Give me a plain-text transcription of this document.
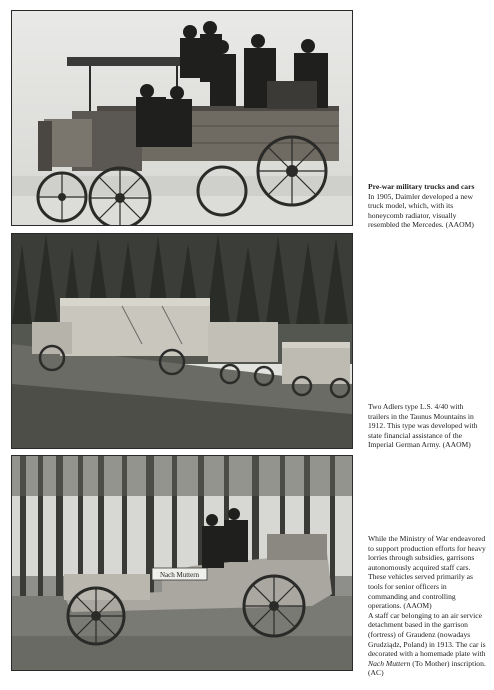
Pre-war military trucks and cars
In 1905, Daimler developed a new truck model, which, with its honeycomb radiator, visually resembled the Mercedes. (AAOM)
Two Adlers type L.S. 4/40 with trailers in the Taunus Mountains in 1912. This type was developed with state financial assistance of the Imperial German Army. (AAOM)
Nach Muttern
While the Ministry of War endeavored to support production efforts for heavy lorries through subsidies, garrisons autonomously acquired staff cars. These vehicles served primarily as tools for senior officers in commanding and controlling operations. (AAOM)
A staff car belonging to an air service detachment based in the garrison (fortress) of Graudenz (nowadays Grudziądz, Poland) in 1913. The car is decorated with a homemade plate with Nach Muttern (To Mother) inscription. (AC)
